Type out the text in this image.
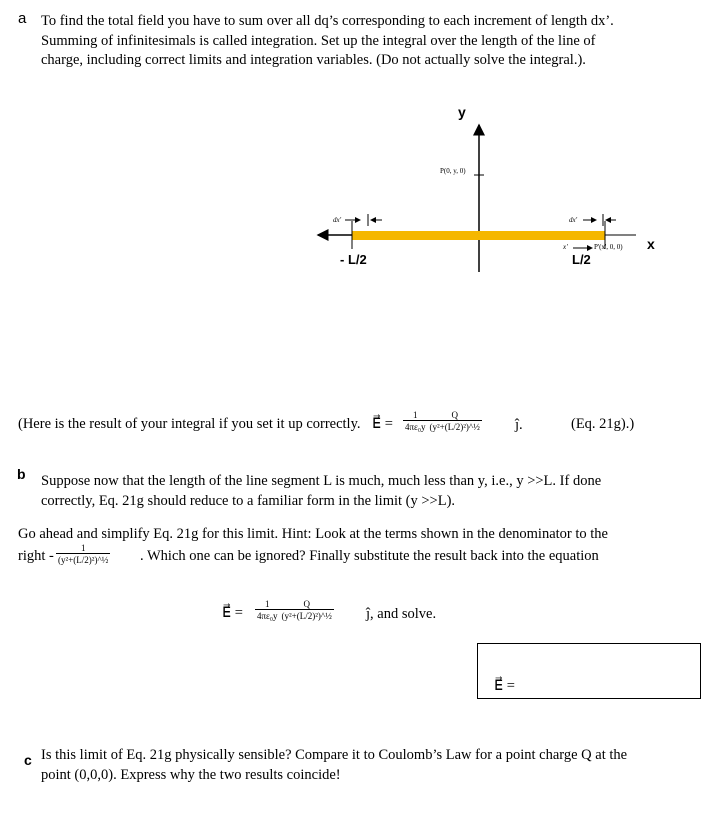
a To find the total field you have to sum over all dq’s corresponding to each increment of length dx’.
Summing of infinitesimals is called integration. Set up the integral over the length of the line of
charge, including correct limits and integration variables. (Do not actually solve the integral.).
y
P(0, y, 0)
dx'	dx'
x'	P'(x', 0, 0) x
- L/2	L/2
(Here is the result of your integral if you set it up correctly. E⃗ = $\frac{1}{\text{4πε₀y}} \frac{Q}{\text{(y²+(L/2)²)\textasciicircum{}½}}$ ĵ.	(Eq. 21g).)
b Suppose now that the length of the line segment L is much, much less than y, i.e., y >>L. If done
correctly, Eq. 21g should reduce to a familiar form in the limit (y >>L).
Go ahead and simplify Eq. 21g for this limit. Hint: Look at the terms shown in the denominator to the
right - $\frac{1}{\text{(y²+(L/2)²)\textasciicircum{}½}}$ . Which one can be ignored? Finally substitute the result back into the equation
E⃗ = $\frac{1}{\text{4πε₀y}} \frac{Q}{\text{(y²+(L/2)²)\textasciicircum{}½}}$ ĵ, and solve.
E⃗ =
c Is this limit of Eq. 21g physically sensible? Compare it to Coulomb’s Law for a point charge Q at the
point (0,0,0). Express why the two results coincide!
